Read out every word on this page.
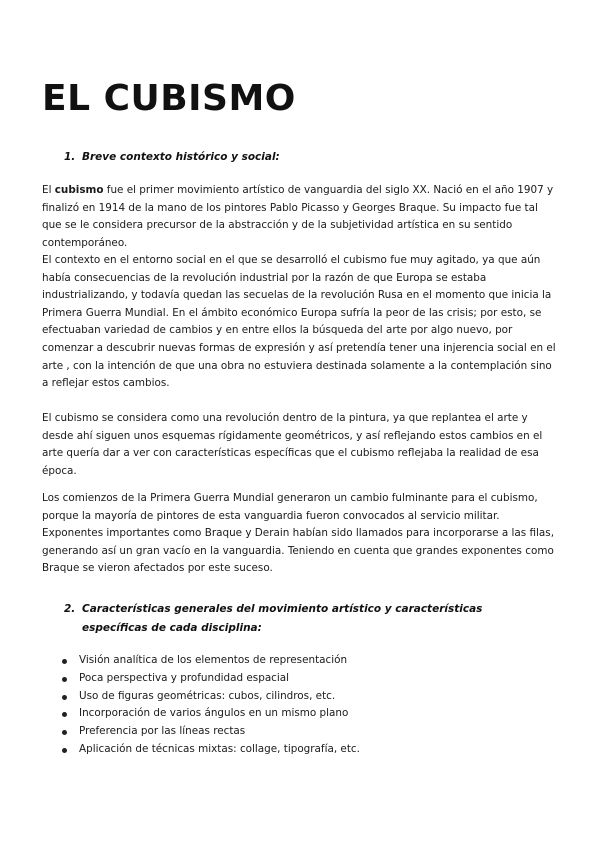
EL CUBISMO
1. Breve contexto histórico y social:

El cubismo fue el primer movimiento artístico de vanguardia del siglo XX. Nació en el año 1907 y finalizó en 1914 de la mano de los pintores Pablo Picasso y Georges Braque. Su impacto fue tal que se le considera precursor de la abstracción y de la subjetividad artística en su sentido contemporáneo.

El contexto en el entorno social en el que se desarrolló el cubismo fue muy agitado, ya que aún había consecuencias de la revolución industrial por la razón de que Europa se estaba industrializando, y todavía quedan las secuelas de la revolución Rusa en el momento que inicia la Primera Guerra Mundial. En el ámbito económico Europa sufría la peor de las crisis; por esto, se efectuaban variedad de cambios y en entre ellos la búsqueda del arte por algo nuevo, por comenzar a descubrir nuevas formas de expresión y así pretendía tener una injerencia social en el arte , con la intención de que una obra no estuviera destinada solamente a la contemplación sino a reflejar estos cambios.

El cubismo se considera como una revolución dentro de la pintura, ya que replantea el arte y desde ahí siguen unos esquemas rígidamente geométricos, y así reflejando estos cambios en el arte quería dar a ver con características específicas que el cubismo reflejaba la realidad de esa época.

Los comienzos de la Primera Guerra Mundial generaron un cambio fulminante para el cubismo, porque la mayoría de pintores de esta vanguardia fueron convocados al servicio militar. Exponentes importantes como Braque y Derain habían sido llamados para incorporarse a las filas, generando así un gran vacío en la vanguardia. Teniendo en cuenta que grandes exponentes como Braque se vieron afectados por este suceso.

2. Características generales del movimiento artístico y características específicas de cada disciplina:
Visión analítica de los elementos de representación
Poca perspectiva y profundidad espacial
Uso de figuras geométricas: cubos, cilindros, etc.
Incorporación de varios ángulos en un mismo plano
Preferencia por las líneas rectas
Aplicación de técnicas mixtas: collage, tipografía, etc.
